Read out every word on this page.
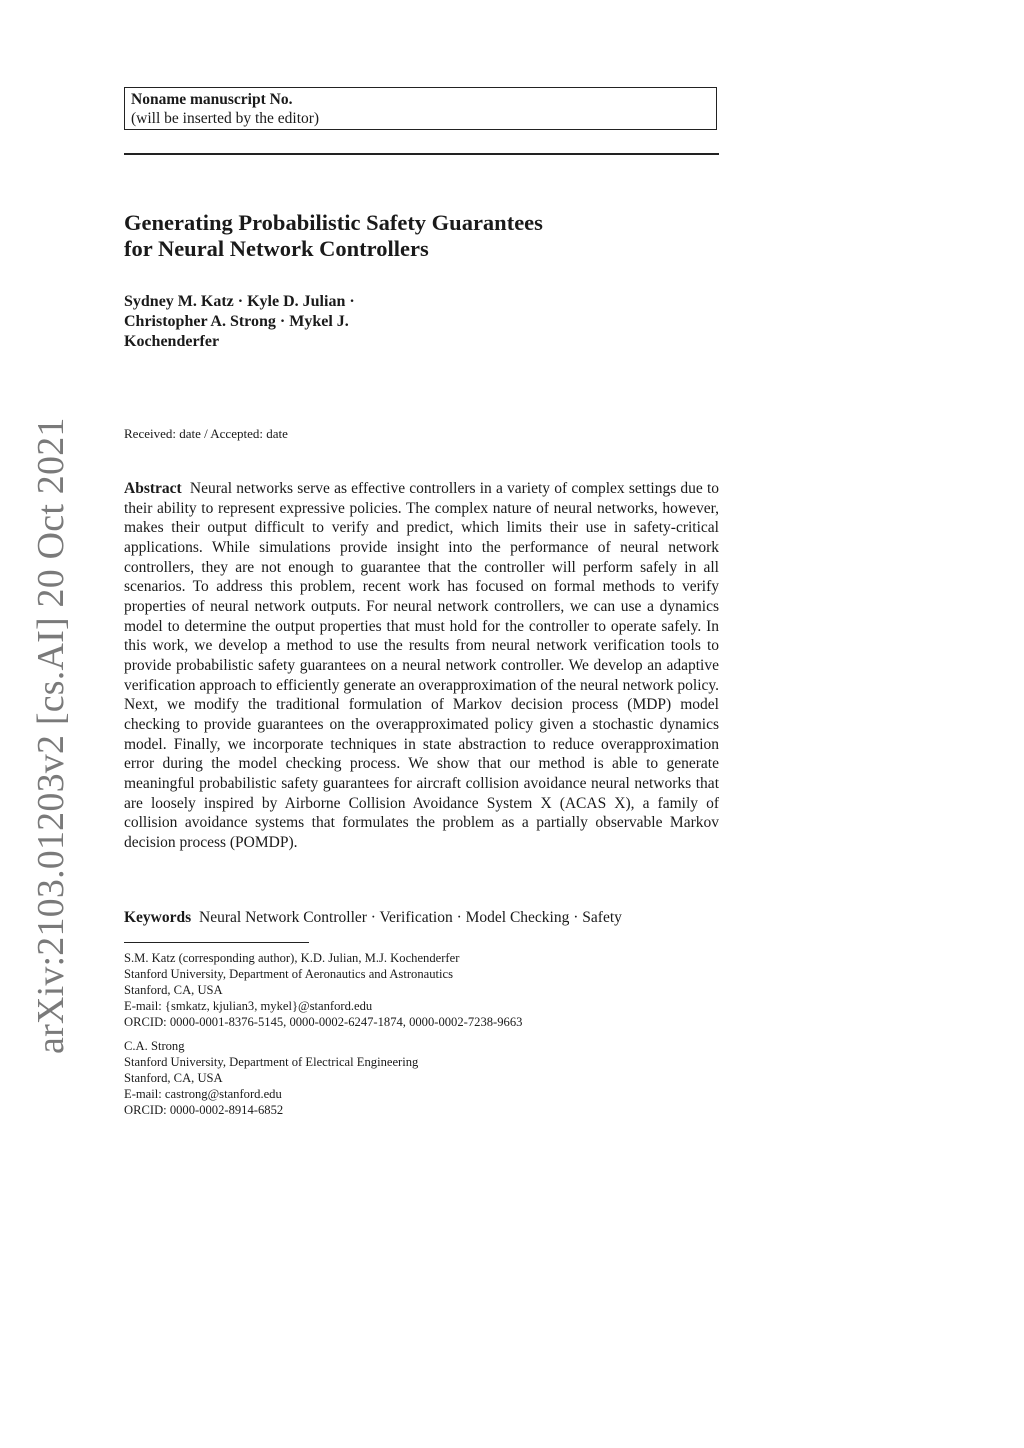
arXiv:2103.01203v2 [cs.AI] 20 Oct 2021
Noname manuscript No.
(will be inserted by the editor)
Generating Probabilistic Safety Guarantees
for Neural Network Controllers
Sydney M. Katz · Kyle D. Julian ·
Christopher A. Strong · Mykel J.
Kochenderfer
Received: date / Accepted: date
Abstract Neural networks serve as effective controllers in a variety of complex settings due to their ability to represent expressive policies. The complex nature of neural networks, however, makes their output difficult to verify and predict, which limits their use in safety-critical applications. While simulations provide insight into the performance of neural network controllers, they are not enough to guarantee that the controller will perform safely in all scenarios. To address this problem, recent work has focused on formal methods to verify properties of neural network outputs. For neural network controllers, we can use a dynamics model to determine the output properties that must hold for the controller to operate safely. In this work, we develop a method to use the results from neural network verification tools to provide probabilistic safety guarantees on a neural network controller. We develop an adaptive verification approach to efficiently generate an overapproximation of the neural network policy. Next, we modify the traditional formulation of Markov decision process (MDP) model checking to provide guarantees on the overapproximated policy given a stochastic dynamics model. Finally, we incorporate techniques in state abstraction to reduce overapproximation error during the model checking process. We show that our method is able to generate meaningful probabilistic safety guarantees for aircraft collision avoidance neural networks that are loosely inspired by Airborne Collision Avoidance System X (ACAS X), a family of collision avoidance systems that formulates the problem as a partially observable Markov decision process (POMDP).
Keywords Neural Network Controller · Verification · Model Checking · Safety
S.M. Katz (corresponding author), K.D. Julian, M.J. Kochenderfer
Stanford University, Department of Aeronautics and Astronautics
Stanford, CA, USA
E-mail: {smkatz, kjulian3, mykel}@stanford.edu
ORCID: 0000-0001-8376-5145, 0000-0002-6247-1874, 0000-0002-7238-9663
C.A. Strong
Stanford University, Department of Electrical Engineering
Stanford, CA, USA
E-mail: castrong@stanford.edu
ORCID: 0000-0002-8914-6852
